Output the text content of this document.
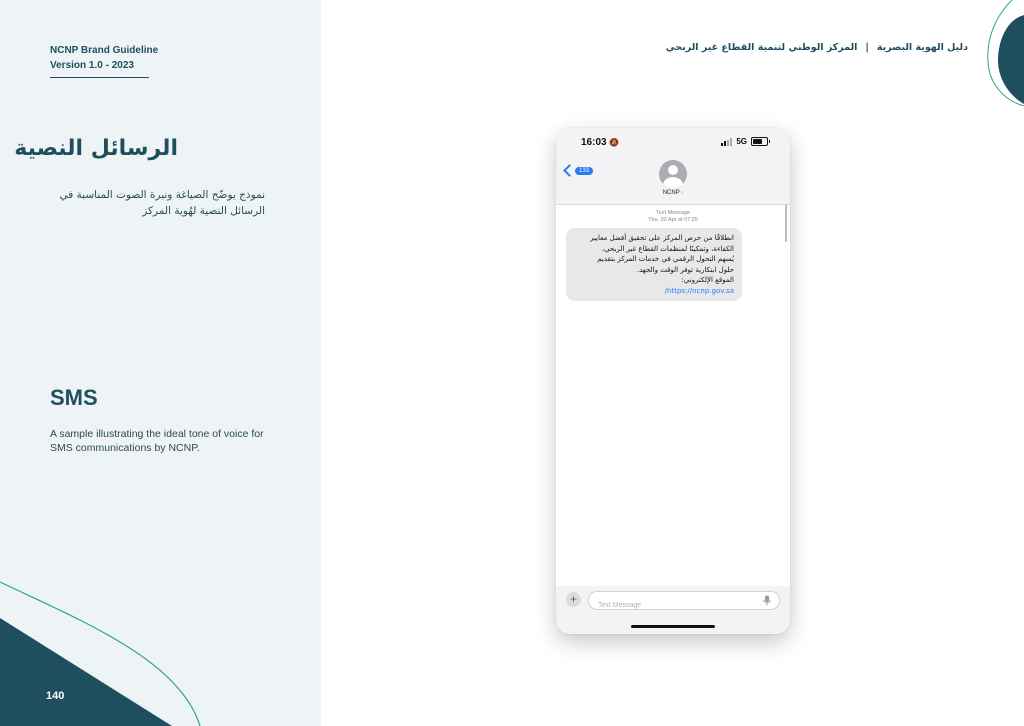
NCNP Brand Guideline
Version 1.0 - 2023
الرسائل النصية
نموذج يوضّح الصياغة ونبرة الصوت المناسبة في الرسائل النصية لهُوية المركز
SMS
A sample illustrating the ideal tone of voice for SMS communications by NCNP.
140
دليل الهوية البصرية|المركز الوطني لتنمية القطاع غير الربحي
16:03 🔕	5G
133
NCNP ›
Text Message
Thu, 20 Apr at 07:25
انطلاقًا من حرص المركز على تحقيق أفضل معايير
الكفاءة، وتمكينًا لمنظمات القطاع غير الربحي،
يُسهم التحول الرقمي في خدمات المركز بتقديم
حلول ابتكارية توفر الوقت والجهد.
الموقع الإلكتروني:
https://ncnp.gov.sa/
+
Text Message
